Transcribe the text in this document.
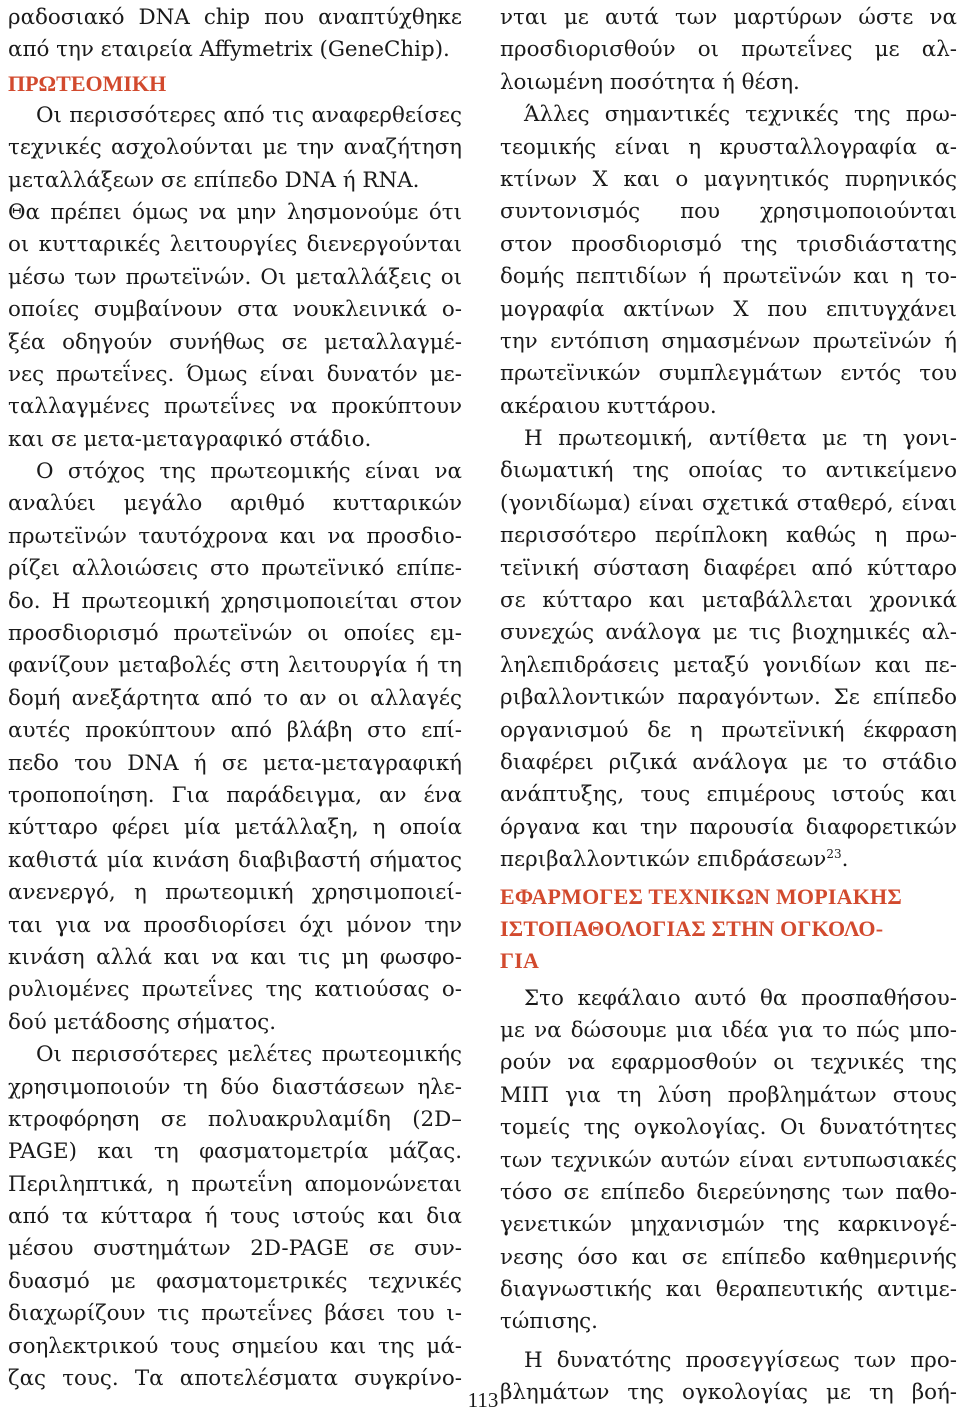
ραδοσιακό DNA chip που αναπτύχθηκε
από την εταιρεία Affymetrix (GeneChip).
ΠΡΩΤΕΟΜΙΚΗ
Οι περισσότερες από τις αναφερθείσες
τεχνικές ασχολούνται με την αναζήτηση
μεταλλάξεων σε επίπεδο DNA ή RNA.
Θα πρέπει όμως να μην λησμονούμε ότι
οι κυτταρικές λειτουργίες διενεργούνται
μέσω των πρωτεϊνών. Οι μεταλλάξεις οι
οποίες συμβαίνουν στα νουκλεινικά ο-
ξέα οδηγούν συνήθως σε μεταλλαγμέ-
νες πρωτεΐνες. Όμως είναι δυνατόν με-
ταλλαγμένες πρωτεΐνες να προκύπτουν
και σε μετα-μεταγραφικό στάδιο.
Ο στόχος της πρωτεομικής είναι να
αναλύει μεγάλο αριθμό κυτταρικών
πρωτεϊνών ταυτόχρονα και να προσδιο-
ρίζει αλλοιώσεις στο πρωτεϊνικό επίπε-
δο. Η πρωτεομική χρησιμοποιείται στον
προσδιορισμό πρωτεϊνών οι οποίες εμ-
φανίζουν μεταβολές στη λειτουργία ή τη
δομή ανεξάρτητα από το αν οι αλλαγές
αυτές προκύπτουν από βλάβη στο επί-
πεδο του DNA ή σε μετα-μεταγραφική
τροποποίηση. Για παράδειγμα, αν ένα
κύτταρο φέρει μία μετάλλαξη, η οποία
καθιστά μία κινάση διαβιβαστή σήματος
ανενεργό, η πρωτεομική χρησιμοποιεί-
ται για να προσδιορίσει όχι μόνον την
κινάση αλλά και να και τις μη φωσφο-
ρυλιομένες πρωτεΐνες της κατιούσας ο-
δού μετάδοσης σήματος.
Οι περισσότερες μελέτες πρωτεομικής
χρησιμοποιούν τη δύο διαστάσεων ηλε-
κτροφόρηση σε πολυακρυλαμίδη (2D–
PAGE) και τη φασματομετρία μάζας.
Περιληπτικά, η πρωτεΐνη απομονώνεται
από τα κύτταρα ή τους ιστούς και δια
μέσου συστημάτων 2D-PAGE σε συν-
δυασμό με φασματομετρικές τεχνικές
διαχωρίζουν τις πρωτεΐνες βάσει του ι-
σοηλεκτρικού τους σημείου και της μά-
ζας τους. Τα αποτελέσματα συγκρίνο-
νται με αυτά των μαρτύρων ώστε να
προσδιορισθούν οι πρωτεΐνες με αλ-
λοιωμένη ποσότητα ή θέση.
Άλλες σημαντικές τεχνικές της πρω-
τεομικής είναι η κρυσταλλογραφία α-
κτίνων Χ και ο μαγνητικός πυρηνικός
συντονισμός που χρησιμοποιούνται
στον προσδιορισμό της τρισδιάστατης
δομής πεπτιδίων ή πρωτεϊνών και η το-
μογραφία ακτίνων Χ που επιτυγχάνει
την εντόπιση σημασμένων πρωτεϊνών ή
πρωτεϊνικών συμπλεγμάτων εντός του
ακέραιου κυττάρου.
Η πρωτεομική, αντίθετα με τη γονι-
διωματική της οποίας το αντικείμενο
(γονιδίωμα) είναι σχετικά σταθερό, είναι
περισσότερο περίπλοκη καθώς η πρω-
τεϊνική σύσταση διαφέρει από κύτταρο
σε κύτταρο και μεταβάλλεται χρονικά
συνεχώς ανάλογα με τις βιοχημικές αλ-
ληλεπιδράσεις μεταξύ γονιδίων και πε-
ριβαλλοντικών παραγόντων. Σε επίπεδο
οργανισμού δε η πρωτεϊνική έκφραση
διαφέρει ριζικά ανάλογα με το στάδιο
ανάπτυξης, τους επιμέρους ιστούς και
όργανα και την παρουσία διαφορετικών
περιβαλλοντικών επιδράσεων$^{23}$.
ΕΦΑΡΜΟΓΕΣ ΤΕΧΝΙΚΩΝ ΜΟΡΙΑΚΗΣ
ΙΣΤΟΠΑΘΟΛΟΓΙΑΣ ΣΤΗΝ ΟΓΚΟΛΟ-
ΓΙΑ
Στο κεφάλαιο αυτό θα προσπαθήσου-
με να δώσουμε μια ιδέα για το πώς μπο-
ρούν να εφαρμοσθούν οι τεχνικές της
ΜΙΠ για τη λύση προβλημάτων στους
τομείς της ογκολογίας. Οι δυνατότητες
των τεχνικών αυτών είναι εντυπωσιακές
τόσο σε επίπεδο διερεύνησης των παθο-
γενετικών μηχανισμών της καρκινογέ-
νεσης όσο και σε επίπεδο καθημερινής
διαγνωστικής και θεραπευτικής αντιμε-
τώπισης.
Η δυνατότης προσεγγίσεως των προ-
βλημάτων της ογκολογίας με τη βοή-
113
